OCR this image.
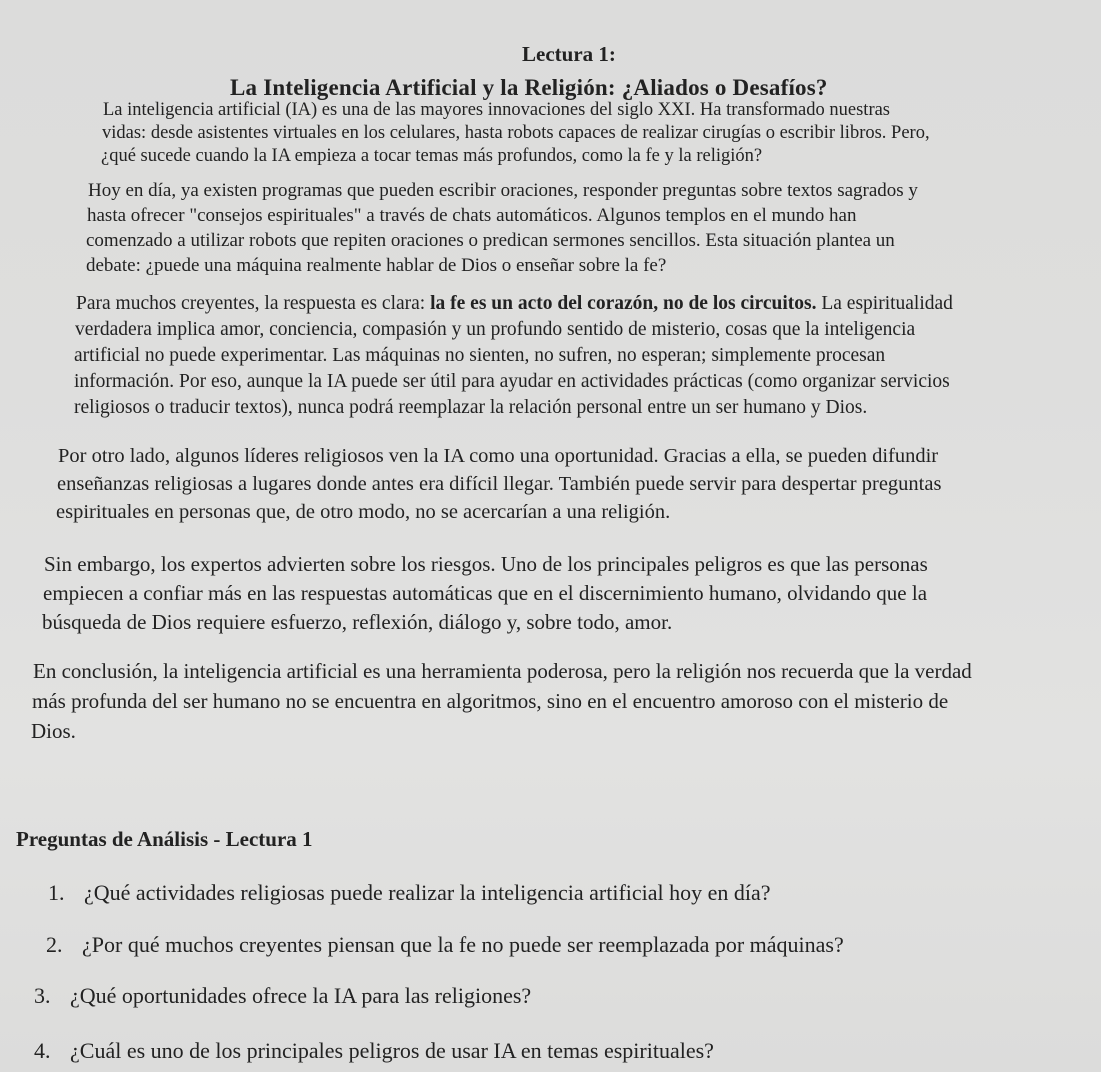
Lectura 1:
La Inteligencia Artificial y la Religión: ¿Aliados o Desafíos?
La inteligencia artificial (IA) es una de las mayores innovaciones del siglo XXI. Ha transformado nuestras
vidas: desde asistentes virtuales en los celulares, hasta robots capaces de realizar cirugías o escribir libros. Pero,
¿qué sucede cuando la IA empieza a tocar temas más profundos, como la fe y la religión?
Hoy en día, ya existen programas que pueden escribir oraciones, responder preguntas sobre textos sagrados y
hasta ofrecer "consejos espirituales" a través de chats automáticos. Algunos templos en el mundo han
comenzado a utilizar robots que repiten oraciones o predican sermones sencillos. Esta situación plantea un
debate: ¿puede una máquina realmente hablar de Dios o enseñar sobre la fe?
Para muchos creyentes, la respuesta es clara: la fe es un acto del corazón, no de los circuitos. La espiritualidad
verdadera implica amor, conciencia, compasión y un profundo sentido de misterio, cosas que la inteligencia
artificial no puede experimentar. Las máquinas no sienten, no sufren, no esperan; simplemente procesan
información. Por eso, aunque la IA puede ser útil para ayudar en actividades prácticas (como organizar servicios
religiosos o traducir textos), nunca podrá reemplazar la relación personal entre un ser humano y Dios.
Por otro lado, algunos líderes religiosos ven la IA como una oportunidad. Gracias a ella, se pueden difundir
enseñanzas religiosas a lugares donde antes era difícil llegar. También puede servir para despertar preguntas
espirituales en personas que, de otro modo, no se acercarían a una religión.
Sin embargo, los expertos advierten sobre los riesgos. Uno de los principales peligros es que las personas
empiecen a confiar más en las respuestas automáticas que en el discernimiento humano, olvidando que la
búsqueda de Dios requiere esfuerzo, reflexión, diálogo y, sobre todo, amor.
En conclusión, la inteligencia artificial es una herramienta poderosa, pero la religión nos recuerda que la verdad
más profunda del ser humano no se encuentra en algoritmos, sino en el encuentro amoroso con el misterio de
Dios.
Preguntas de Análisis - Lectura 1
1. ¿Qué actividades religiosas puede realizar la inteligencia artificial hoy en día?
2. ¿Por qué muchos creyentes piensan que la fe no puede ser reemplazada por máquinas?
3. ¿Qué oportunidades ofrece la IA para las religiones?
4. ¿Cuál es uno de los principales peligros de usar IA en temas espirituales?
